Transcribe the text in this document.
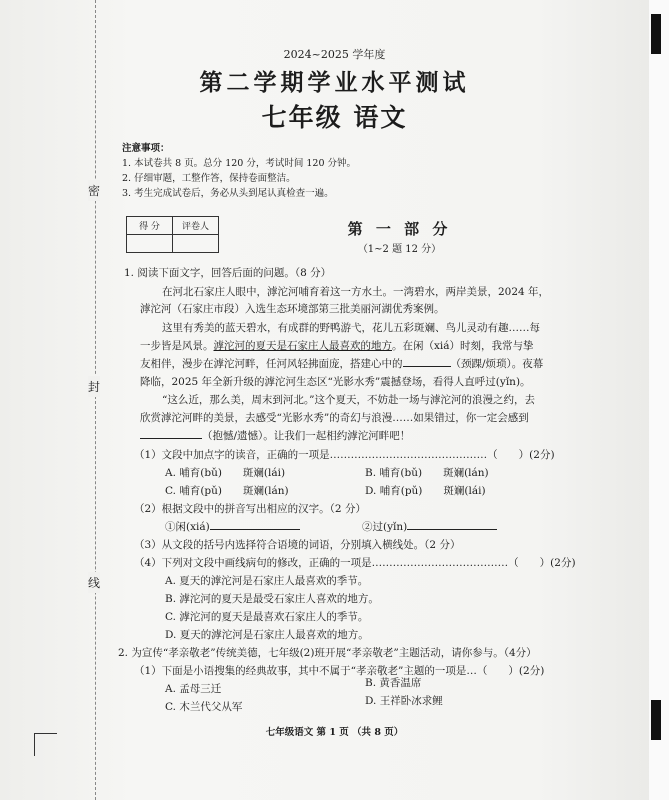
密
封
线
2024~2025 学年度
第二学期学业水平测试
七年级 语文
注意事项：
1. 本试卷共 8 页。总分 120 分，考试时间 120 分钟。
2. 仔细审题，工整作答，保持卷面整洁。
3. 考生完成试卷后，务必从头到尾认真检查一遍。
得 分	评卷人
		第 一 部 分
（1~2 题 12 分）
1. 阅读下面文字，回答后面的问题。（8 分）
在河北石家庄人眼中，滹沱河哺育着这一方水土。一湾碧水，两岸美景，2024 年，
滹沱河（石家庄市段）入选生态环境部第三批美丽河湖优秀案例。
这里有秀美的蓝天碧水，有成群的野鸭游弋，花儿五彩斑斓、鸟儿灵动有趣……每
一步皆是风景。滹沱河的夏天是石家庄人最喜欢的地方。在闲（xiá）时刻，我常与挚
友相伴，漫步在滹沱河畔，任河风轻拂面庞，搭建心中的	（颈踝/烦琐）。夜幕
降临，2025 年全新升级的滹沱河生态区“光影水秀”震撼登场，看得人直呼过(yǐn)。
“这么近，那么美，周末到河北。”这个夏天，不妨赴一场与滹沱河的浪漫之约，去
欣赏滹沱河畔的美景，去感受“光影水秀”的奇幻与浪漫……如果错过，你一定会感到
（抱憾/遗憾）。让我们一起相约滹沱河畔吧！
（1）文段中加点字的读音，正确的一项是………………………………………（　　）(2分)
A. 哺育(bǔ)　　斑斓(lái)	B. 哺育(bǔ)　　斑斓(lán)
C. 哺育(pǔ)　　斑斓(lán)	D. 哺育(pǔ)　　斑斓(lái)
（2）根据文段中的拼音写出相应的汉字。（2 分）
①闲(xiá)	②过(yǐn)
（3）从文段的括号内选择符合语境的词语，分别填入横线处。（2 分）
（4）下列对文段中画线病句的修改，正确的一项是…………………………………（　　）(2分)
A. 夏天的滹沱河是石家庄人最喜欢的季节。
B. 滹沱河的夏天是最受石家庄人喜欢的地方。
C. 滹沱河的夏天是最喜欢石家庄人的季节。
D. 夏天的滹沱河是石家庄人最喜欢的地方。
2. 为宣传“孝亲敬老”传统美德，七年级(2)班开展“孝亲敬老”主题活动，请你参与。（4分）
（1）下面是小语搜集的经典故事，其中不属于“孝亲敬老”主题的一项是…（　　）(2分)
A. 孟母三迁	B. 黄香温席
C. 木兰代父从军	D. 王祥卧冰求鲤
七年级语文 第 1 页 （共 8 页）
